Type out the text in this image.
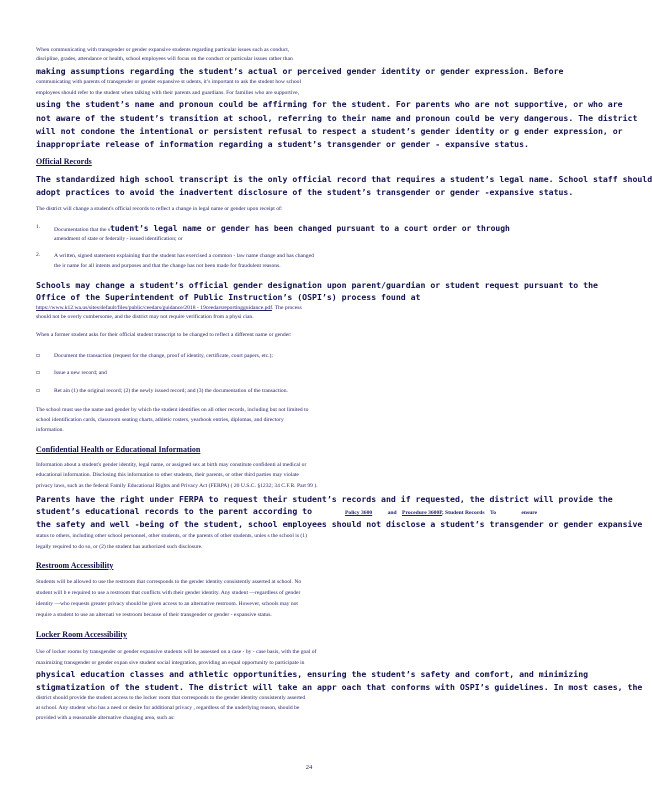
When communicating with transgender or gender expansive students regarding particular issues such as conduct,
discipline, grades, attendance or health, school employees will focus on the conduct or particular issues rather than
making assumptions regarding the student’s actual or perceived gender identity or gender expression. Before
communicating with parents of transgender or gender expansive st udents, it’s important to ask the student how school
employees should refer to the student when talking with their parents and guardians. For families who are supportive,
using the student’s name and pronoun could be affirming for the student. For parents who are not supportive, or who are
not aware of the student’s transition at school, referring to their name and pronoun could be very dangerous. The district
will not condone the intentional or persistent refusal to respect a student’s gender identity or g ender expression, or
inappropriate release of information regarding a student’s transgender or gender - expansive status.
Official Records
The standardized high school transcript is the only official record that requires a student’s legal name. School staff should
adopt practices to avoid the inadvertent disclosure of the student’s transgender or gender -expansive status.
The district will change a student's official records to reflect a change in legal name or gender upon receipt of:
1. Documentation that the student’s legal name or gender has been changed pursuant to a court order or through
amendment of state or federally - issued identification; or
2. A written, signed statement explaining that the student has exercised a common - law name change and has changed
the ir name for all intents and purposes and that the change has not been made for fraudulent reasons.
Schools may change a student’s official gender designation upon parent/guardian or student request pursuant to the
Office of the Superintendent of Public Instruction’s (OSPI’s) process found at
https://www.k12.wa.us/sites/default/files/public/ceedars/guidance/2018 - 19ceedarsreportingguidance.pdf. The process
should not be overly cumbersome, and the district may not require verification from a physi cian.
When a former student asks for their official student transcript to be changed to reflect a different name or gender:
▫ Document the transaction (request for the change, proof of identity, certificate, court papers, etc.);
▫ Issue a new record; and
▫ Ret ain (1) the original record; (2) the newly issued record; and (3) the documentation of the transaction.
The school must use the name and gender by which the student identifies on all other records, including but not limited to
school identification cards, classroom seating charts, athletic rosters, yearbook entries, diplomas, and directory
information.
Confidential Health or Educational Information
Information about a student's gender identity, legal name, or assigned sex at birth may constitute confidenti al medical or
educational information. Disclosing this information to other students, their parents, or other third parties may violate
privacy laws, such as the federal Family Educational Rights and Privacy Act (FERPA) ( 20 U.S.C. §1232; 34 C.F.R. Part 99 ).
Parents have the right under FERPA to request their student’s records and if requested, the district will provide the
student’s educational records to the parent according to	Policy 3600	and Procedure 3600P, Student Records To	ensure
the safety and well -being of the student, school employees should not disclose a student’s transgender or gender expansive
status to others, including other school personnel, other students, or the parents of other students, unles s the school is (1)
legally required to do so, or (2) the student has authorized such disclosure.
Restroom Accessibility
Students will be allowed to use the restroom that corresponds to the gender identity consistently asserted at school. No
student will b e required to use a restroom that conflicts with their gender identity. Any student —regardless of gender
identity —who requests greater privacy should be given access to an alternative restroom. However, schools may not
require a student to use an alternati ve restroom because of their transgender or gender - expansive status.
Locker Room Accessibility
Use of locker rooms by transgender or gender expansive students will be assessed on a case - by - case basis, with the goal of
maximizing transgender or gender expan sive student social integration, providing an equal opportunity to participate in
physical education classes and athletic opportunities, ensuring the student’s safety and comfort, and minimizing
stigmatization of the student. The district will take an appr oach that conforms with OSPI’s guidelines. In most cases, the
district should provide the student access to the locker room that corresponds to the gender identity consistently asserted
at school. Any student who has a need or desire for additional privacy , regardless of the underlying reason, should be
provided with a reasonable alternative changing area, such as:
24
